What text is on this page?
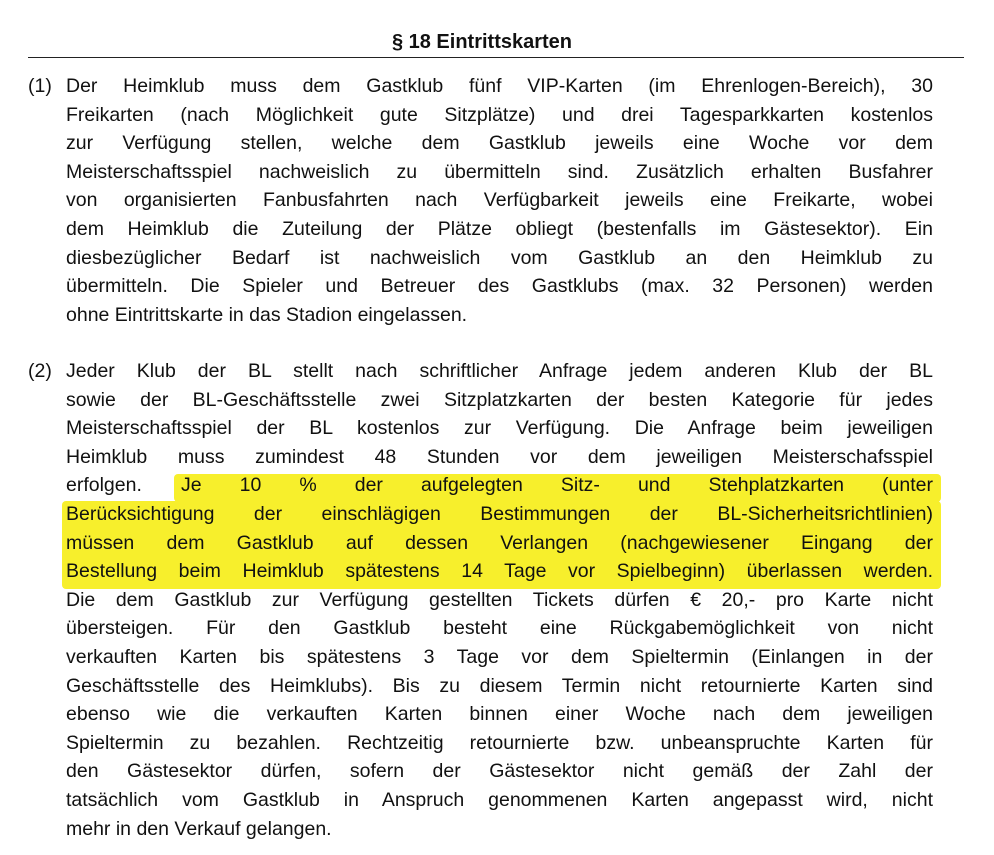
§ 18 Eintrittskarten
(1) Der Heimklub muss dem Gastklub fünf VIP-Karten (im Ehrenlogen-Bereich), 30
Freikarten (nach Möglichkeit gute Sitzplätze) und drei Tagesparkkarten kostenlos
zur Verfügung stellen, welche dem Gastklub jeweils eine Woche vor dem
Meisterschaftsspiel nachweislich zu übermitteln sind. Zusätzlich erhalten Busfahrer
von organisierten Fanbusfahrten nach Verfügbarkeit jeweils eine Freikarte, wobei
dem Heimklub die Zuteilung der Plätze obliegt (bestenfalls im Gästesektor). Ein
diesbezüglicher Bedarf ist nachweislich vom Gastklub an den Heimklub zu
übermitteln. Die Spieler und Betreuer des Gastklubs (max. 32 Personen) werden
ohne Eintrittskarte in das Stadion eingelassen.
(2) Jeder Klub der BL stellt nach schriftlicher Anfrage jedem anderen Klub der BL
sowie der BL-Geschäftsstelle zwei Sitzplatzkarten der besten Kategorie für jedes
Meisterschaftsspiel der BL kostenlos zur Verfügung. Die Anfrage beim jeweiligen
Heimklub muss zumindest 48 Stunden vor dem jeweiligen Meisterschafsspiel
erfolgen.	Je 10 % der aufgelegten Sitz- und Stehplatzkarten (unter
Berücksichtigung der einschlägigen Bestimmungen der BL-Sicherheitsrichtlinien)
müssen dem Gastklub auf dessen Verlangen (nachgewiesener Eingang der
Bestellung beim Heimklub spätestens 14 Tage vor Spielbeginn) überlassen werden.
Die dem Gastklub zur Verfügung gestellten Tickets dürfen € 20,- pro Karte nicht
übersteigen. Für den Gastklub besteht eine Rückgabemöglichkeit von nicht
verkauften Karten bis spätestens 3 Tage vor dem Spieltermin (Einlangen in der
Geschäftsstelle des Heimklubs). Bis zu diesem Termin nicht retournierte Karten sind
ebenso wie die verkauften Karten binnen einer Woche nach dem jeweiligen
Spieltermin zu bezahlen. Rechtzeitig retournierte bzw. unbeanspruchte Karten für
den Gästesektor dürfen, sofern der Gästesektor nicht gemäß der Zahl der
tatsächlich vom Gastklub in Anspruch genommenen Karten angepasst wird, nicht
mehr in den Verkauf gelangen.
